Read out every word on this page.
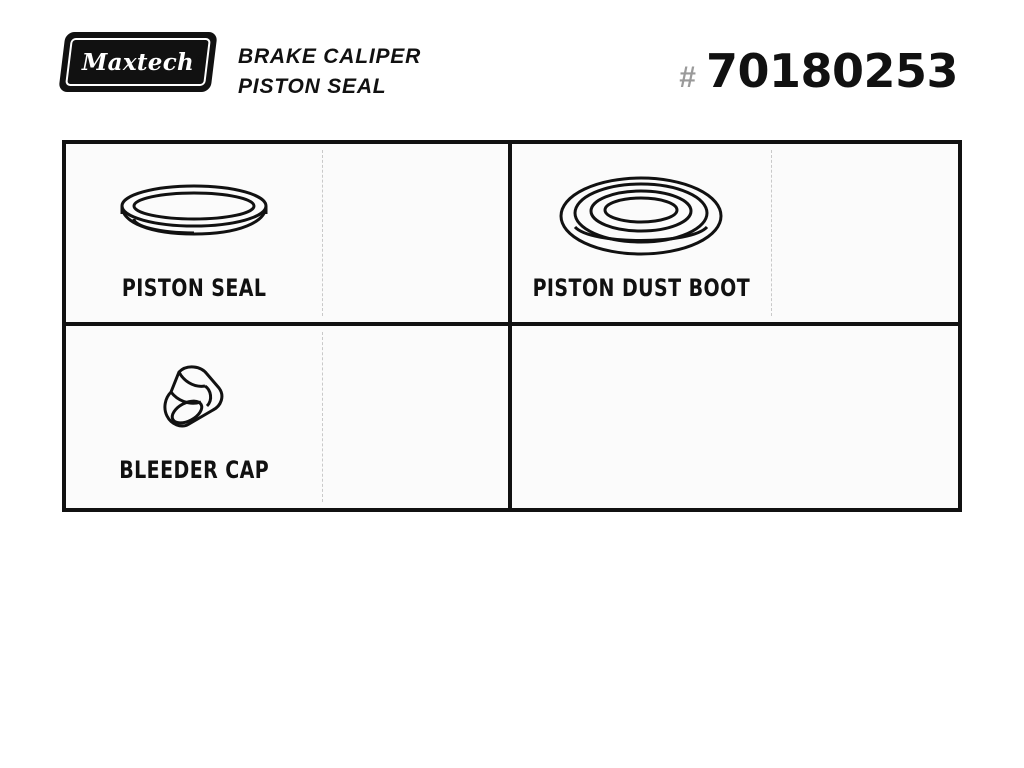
Maxtech ® BRAKE CALIPER
PISTON SEAL	# 70180253
PISTON SEAL	PISTON DUST BOOT
BLEEDER CAP
